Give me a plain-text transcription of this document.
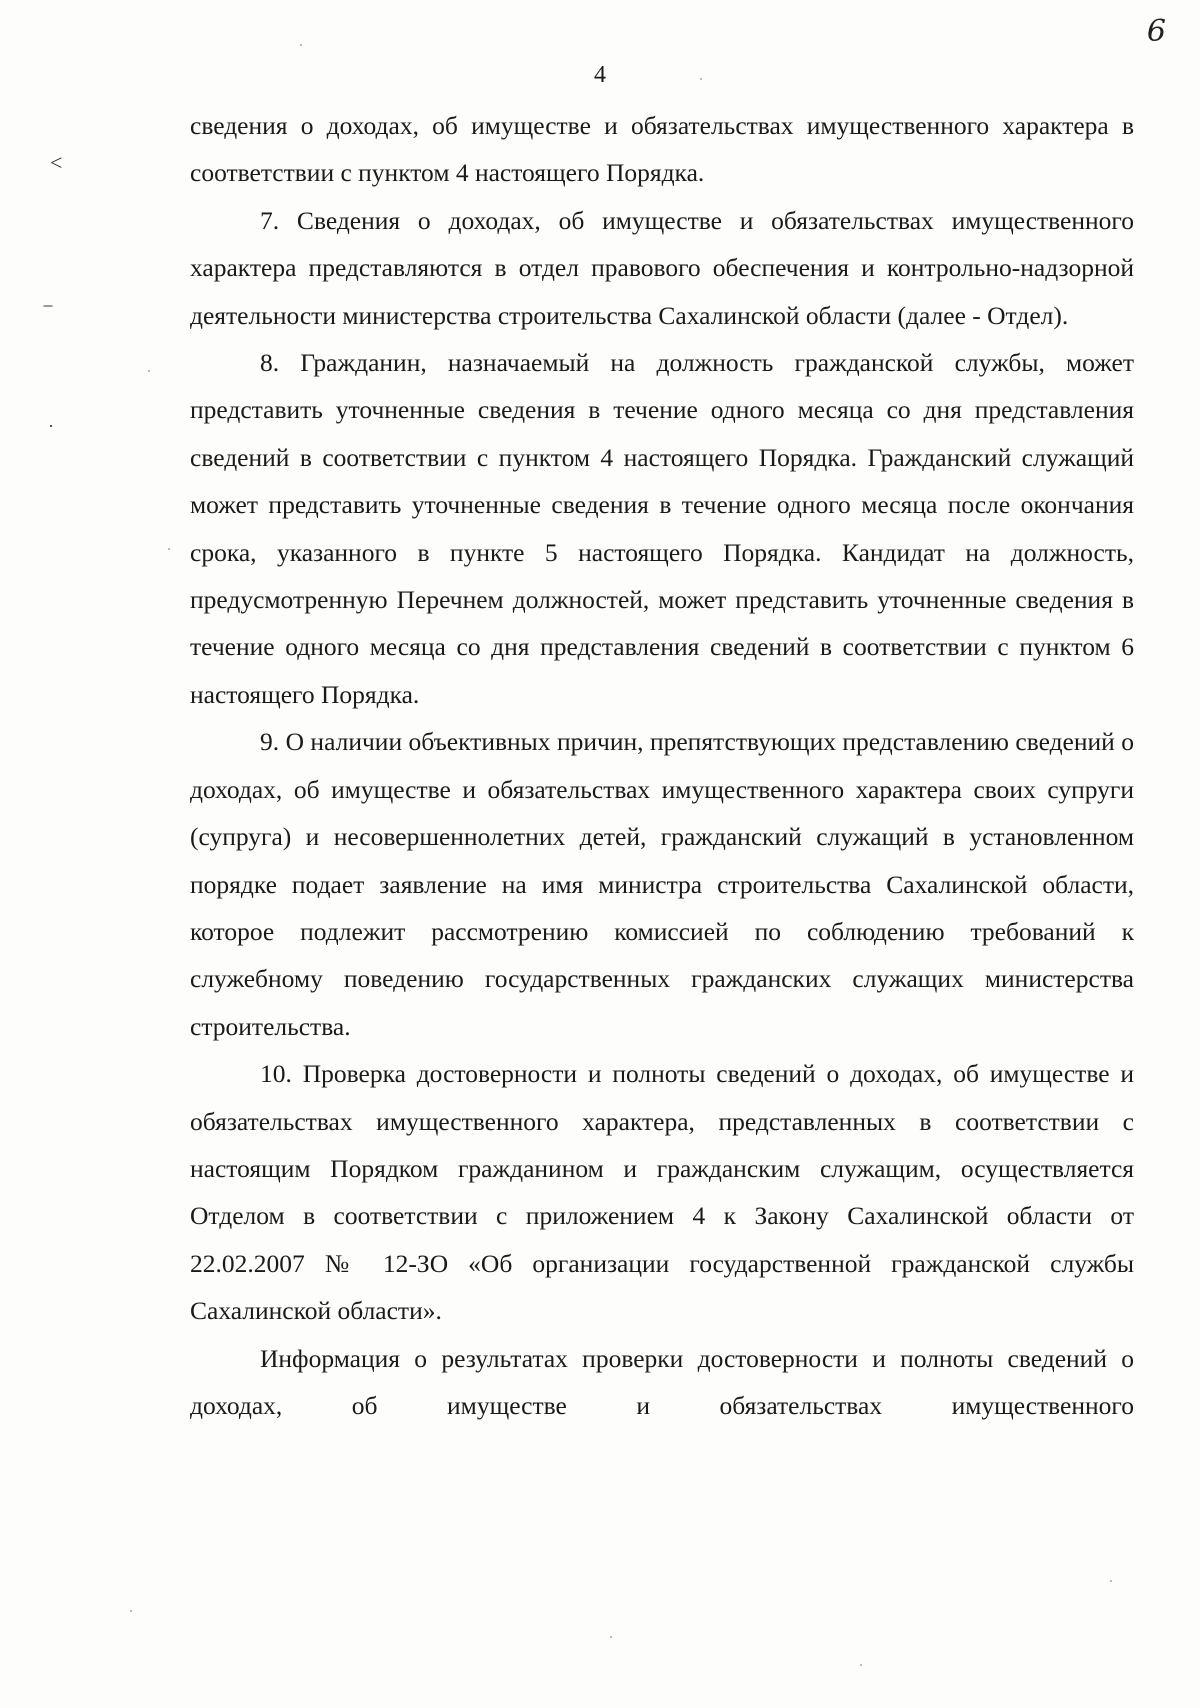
6
4
<
·

сведения о доходах, об имуществе и обязательствах имущественного характера в соответствии с пунктом 4 настоящего Порядка.

7. Сведения о доходах, об имуществе и обязательствах имущественного характера представляются в отдел правового обеспечения и контрольно-надзорной деятельности министерства строительства Сахалинской области (далее - Отдел).

8. Гражданин, назначаемый на должность гражданской службы, может представить уточненные сведения в течение одного месяца со дня представления сведений в соответствии с пунктом 4 настоящего Порядка. Гражданский служащий может представить уточненные сведения в течение одного месяца после окончания срока, указанного в пункте 5 настоящего Порядка. Кандидат на должность, предусмотренную Перечнем должностей, может представить уточненные сведения в течение одного месяца со дня представления сведений в соответствии с пунктом 6 настоящего Порядка.

9. О наличии объективных причин, препятствующих представлению сведений о доходах, об имуществе и обязательствах имущественного характера своих супруги (супруга) и несовершеннолетних детей, гражданский служащий в установленном порядке подает заявление на имя министра строительства Сахалинской области, которое подлежит рассмотрению комиссией по соблюдению требований к служебному поведению государственных гражданских служащих министерства строительства.

10. Проверка достоверности и полноты сведений о доходах, об имуществе и обязательствах имущественного характера, представленных в соответствии с настоящим Порядком гражданином и гражданским служащим, осуществляется Отделом в соответствии с приложением 4 к Закону Сахалинской области от 22.02.2007 № 12-ЗО «Об организации государственной гражданской службы Сахалинской области».

Информация о результатах проверки достоверности и полноты сведений о доходах, об имуществе и обязательствах имущественного
